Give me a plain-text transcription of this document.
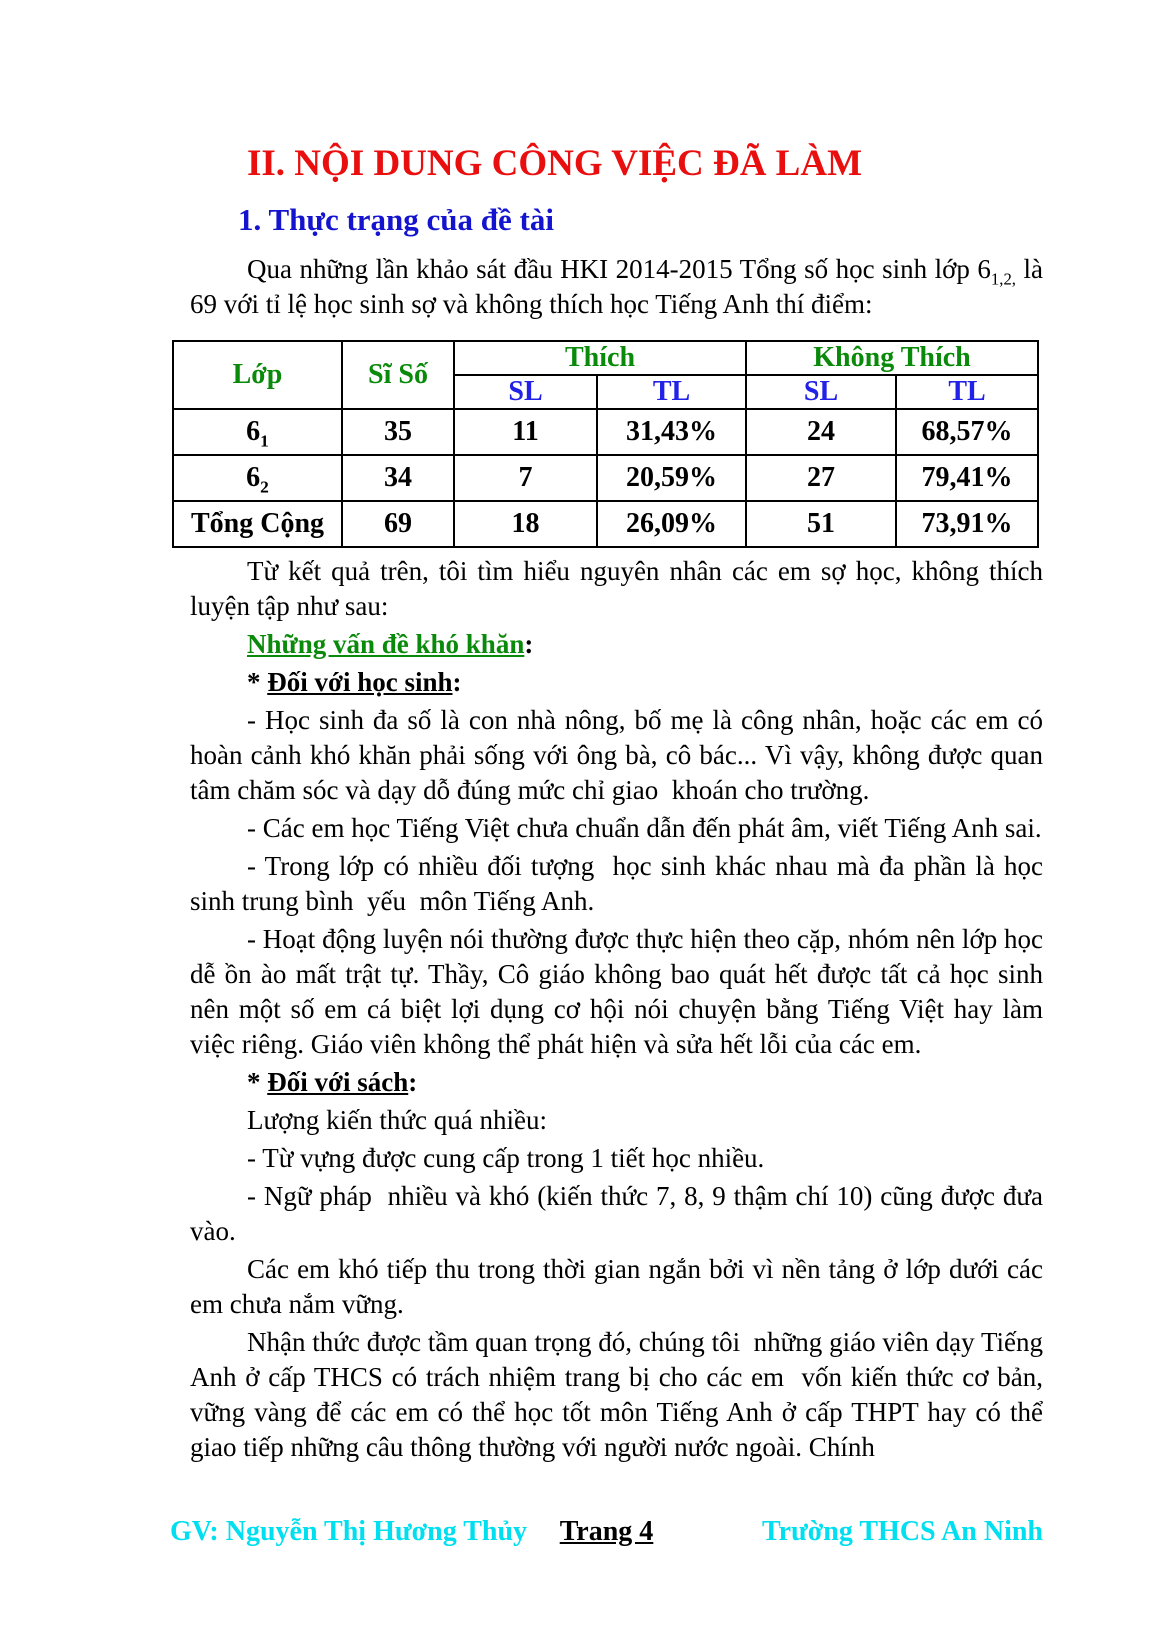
II. NỘI DUNG CÔNG VIỆC ĐÃ LÀM
1. Thực trạng của đề tài

Qua những lần khảo sát đầu HKI 2014-2015 Tổng số học sinh lớp $6_{1,2,}$ là 69 với tỉ lệ học sinh sợ và không thích học Tiếng Anh thí điểm:

Lớp	Sĩ Số	Thích		Không Thích	
		SL	TL	SL	TL
$6_1$	35	11	31,43%	24	68,57%
$6_2$	34	7	20,59%	27	79,41%
Tổng Cộng	69	18	26,09%	51	73,91%

Từ kết quả trên, tôi tìm hiểu nguyên nhân các em sợ học, không thích luyện tập như sau:

Những vấn đề khó khăn:

* Đối với học sinh:

- Học sinh đa số là con nhà nông, bố mẹ là công nhân, hoặc các em có hoàn cảnh khó khăn phải sống với ông bà, cô bác... Vì vậy, không được quan tâm chăm sóc và dạy dỗ đúng mức chỉ giao  khoán cho trường.

- Các em học Tiếng Việt chưa chuẩn dẫn đến phát âm, viết Tiếng Anh sai.

- Trong lớp có nhiều đối tượng  học sinh khác nhau mà đa phần là học sinh trung bình  yếu  môn Tiếng Anh.

- Hoạt động luyện nói thường được thực hiện theo cặp, nhóm nên lớp học dễ ồn ào mất trật tự. Thầy, Cô giáo không bao quát hết được tất cả học sinh nên một số em cá biệt lợi dụng cơ hội nói chuyện bằng Tiếng Việt hay làm việc riêng. Giáo viên không thể phát hiện và sửa hết lỗi của các em.

* Đối với sách:

Lượng kiến thức quá nhiều:

- Từ vựng được cung cấp trong 1 tiết học nhiều.

- Ngữ pháp  nhiều và khó (kiến thức 7, 8, 9 thậm chí 10) cũng được đưa  vào.

Các em khó tiếp thu trong thời gian ngắn bởi vì nền tảng ở lớp dưới các em chưa nắm vững.

Nhận thức được tầm quan trọng đó, chúng tôi  những giáo viên dạy Tiếng Anh ở cấp THCS có trách nhiệm trang bị cho các em  vốn kiến thức cơ bản, vững vàng để các em có thể học tốt môn Tiếng Anh ở cấp THPT hay có thể giao tiếp những câu thông thường với người nước ngoài. Chính

GV: Nguyễn Thị Hương Thủy	Trang 4	Trường THCS An Ninh
